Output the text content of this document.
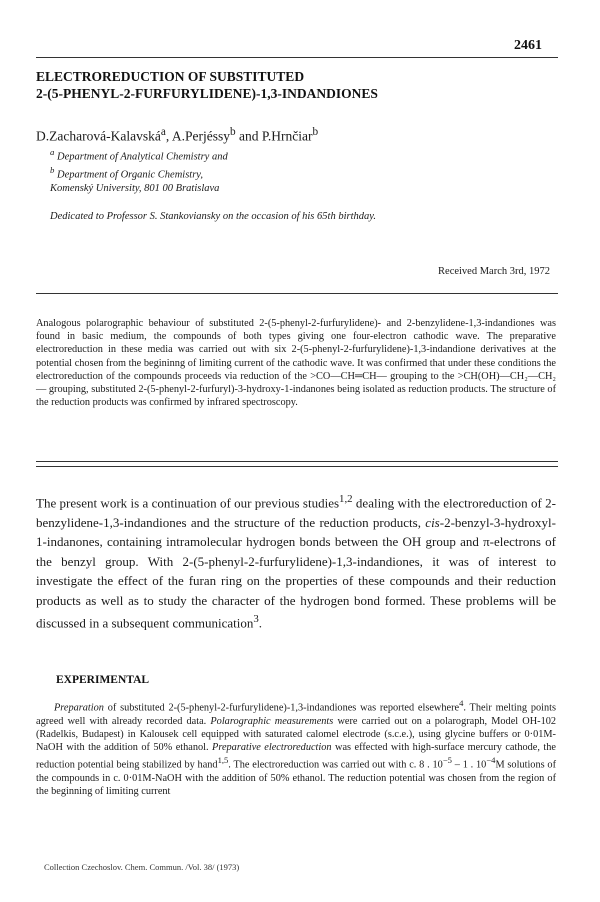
2461
ELECTROREDUCTION OF SUBSTITUTED
2-(5-PHENYL-2-FURFURYLIDENE)-1,3-INDANDIONES
D.Zacharová-Kalavská$^a$, A.Perjéssy$^b$ and P.Hrnčiar$^b$
$^a$ Department of Analytical Chemistry and
$^b$ Department of Organic Chemistry,
Komenský University, 801 00 Bratislava
Dedicated to Professor S. Stankoviansky on the occasion of his 65th birthday.
Received March 3rd, 1972

Analogous polarographic behaviour of substituted 2-(5-phenyl-2-furfurylidene)- and 2-benzylidene-1,3-indandiones was found in basic medium, the compounds of both types giving one four-electron cathodic wave. The preparative electroreduction in these media was carried out with six 2-(5-phenyl-2-furfurylidene)-1,3-indandione derivatives at the potential chosen from the begininng of limiting current of the cathodic wave. It was confirmed that under these conditions the electroreduction of the compounds proceeds via reduction of the >CO—CH═CH— grouping to the >CH(OH)—CH₂—CH₂— grouping, substituted 2-(5-phenyl-2-furfuryl)-3-hydroxy-1-indanones being isolated as reduction products. The structure of the reduction products was confirmed by infrared spectroscopy.

The present work is a continuation of our previous studies$^{1,2}$ dealing with the electroreduction of 2-benzylidene-1,3-indandiones and the structure of the reduction products, cis-2-benzyl-3-hydroxyl-1-indanones, containing intramolecular hydrogen bonds between the OH group and π-electrons of the benzyl group. With 2-(5-phenyl-2-furfurylidene)-1,3-indandiones, it was of interest to investigate the effect of the furan ring on the properties of these compounds and their reduction products as well as to study the character of the hydrogen bond formed. These problems will be discussed in a subsequent communication$^3$.

EXPERIMENTAL

Preparation of substituted 2-(5-phenyl-2-furfurylidene)-1,3-indandiones was reported elsewhere$^4$. Their melting points agreed well with already recorded data. Polarographic measurements were carried out on a polarograph, Model OH-102 (Radelkis, Budapest) in Kalousek cell equipped with saturated calomel electrode (s.c.e.), using glycine buffers or 0·01M-NaOH with the addition of 50% ethanol. Preparative electroreduction was effected with high-surface mercury cathode, the reduction potential being stabilized by hand$^{1,5}$. The electroreduction was carried out with c. 8 . $10^{-5} - 1$ . $10^{-4}M$ solutions of the compounds in c. 0·01M-NaOH with the addition of 50% ethanol. The reduction potential was chosen from the region of the beginning of limiting current

Collection Czechoslov. Chem. Commun. /Vol. 38/ (1973)
